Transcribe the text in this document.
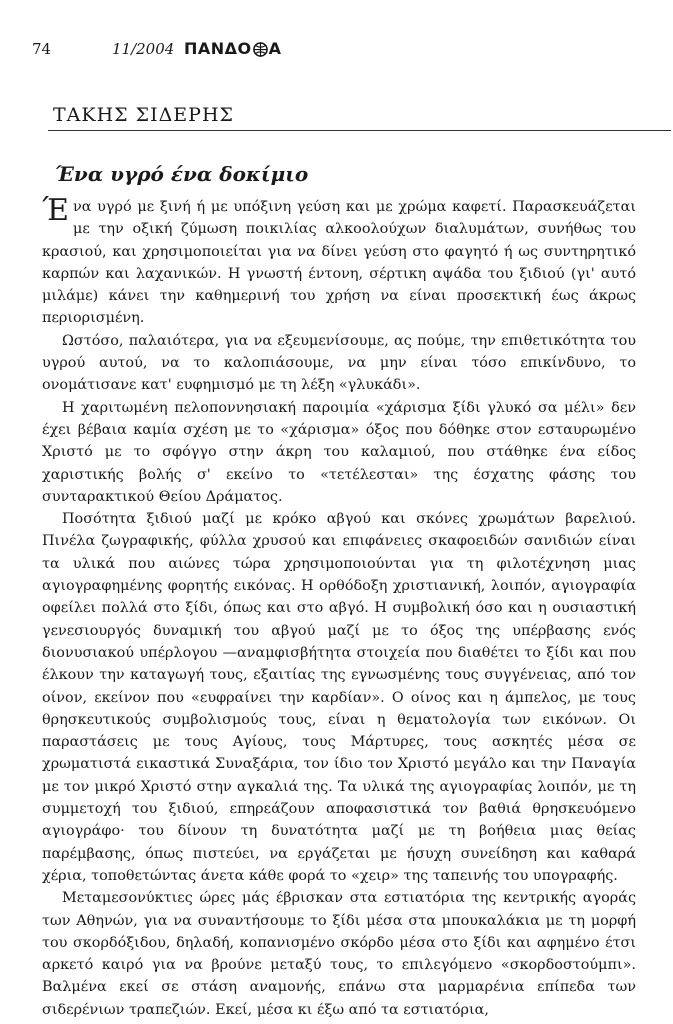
74	11/2004 ΠΑΝΔΟ Α
ΤΑΚΗΣ ΣΙΔΕΡΗΣ
Ένα υγρό ένα δοκίμιο

Ένα υγρό με ξινή ή με υπόξινη γεύση και με χρώμα καφετί. Παρασκευάζεται με την οξική ζύμωση ποικιλίας αλκοολούχων διαλυμάτων, συνήθως του κρασιού, και χρησιμοποιείται για να δίνει γεύση στο φαγητό ή ως συντηρητικό καρπών και λαχανικών. Η γνωστή έντονη, σέρτικη αψάδα του ξιδιού (γι' αυτό μιλάμε) κάνει την καθημερινή του χρήση να είναι προσεκτική έως άκρως περιορισμένη.

Ωστόσο, παλαιότερα, για να εξευμενίσουμε, ας πούμε, την επιθετικότητα του υγρού αυτού, να το καλοπιάσουμε, να μην είναι τόσο επικίνδυνο, το ονομάτισανε κατ' ευφημισμό με τη λέξη «γλυκάδι».

Η χαριτωμένη πελοποννησιακή παροιμία «χάρισμα ξίδι γλυκό σα μέλι» δεν έχει βέβαια καμία σχέση με το «χάρισμα» όξος που δόθηκε στον εσταυρωμένο Χριστό με το σφόγγο στην άκρη του καλαμιού, που στάθηκε ένα είδος χαριστικής βολής σ' εκείνο το «τετέλεσται» της έσχατης φάσης του συνταρακτικού Θείου Δράματος.

Ποσότητα ξιδιού μαζί με κρόκο αβγού και σκόνες χρωμάτων βαρελιού. Πινέλα ζωγραφικής, φύλλα χρυσού και επιφάνειες σκαφοειδών σανιδιών είναι τα υλικά που αιώνες τώρα χρησιμοποιούνται για τη φιλοτέχνηση μιας αγιογραφημένης φορητής εικόνας. Η ορθόδοξη χριστιανική, λοιπόν, αγιογραφία οφείλει πολλά στο ξίδι, όπως και στο αβγό. Η συμβολική όσο και η ουσιαστική γενεσιουργός δυναμική του αβγού μαζί με το όξος της υπέρβασης ενός διονυσιακού υπέρλογου —αναμφισβήτητα στοιχεία που διαθέτει το ξίδι και που έλκουν την καταγωγή τους, εξαιτίας της εγνωσμένης τους συγγένειας, από τον οίνον, εκείνον που «ευφραίνει την καρδίαν». Ο οίνος και η άμπελος, με τους θρησκευτικούς συμβολισμούς τους, είναι η θεματολογία των εικόνων. Οι παραστάσεις με τους Αγίους, τους Μάρτυρες, τους ασκητές μέσα σε χρωματιστά εικαστικά Συναξάρια, τον ίδιο τον Χριστό μεγάλο και την Παναγία με τον μικρό Χριστό στην αγκαλιά της. Τα υλικά της αγιογραφίας λοιπόν, με τη συμμετοχή του ξιδιού, επηρεάζουν αποφασιστικά τον βαθιά θρησκευόμενο αγιογράφο· του δίνουν τη δυνατότητα μαζί με τη βοήθεια μιας θείας παρέμβασης, όπως πιστεύει, να εργάζεται με ήσυχη συνείδηση και καθαρά χέρια, τοποθετώντας άνετα κάθε φορά το «χειρ» της ταπεινής του υπογραφής.

Μεταμεσονύκτιες ώρες μάς έβρισκαν στα εστιατόρια της κεντρικής αγοράς των Αθηνών, για να συναντήσουμε το ξίδι μέσα στα μπουκαλάκια με τη μορφή του σκορδόξιδου, δηλαδή, κοπανισμένο σκόρδο μέσα στο ξίδι και αφημένο έτσι αρκετό καιρό για να βρούνε μεταξύ τους, το επιλεγόμενο «σκορδοστούμπι». Βαλμένα εκεί σε στάση αναμονής, επάνω στα μαρμαρένια επίπεδα των σιδερένιων τραπεζιών. Εκεί, μέσα κι έξω από τα εστιατόρια,
